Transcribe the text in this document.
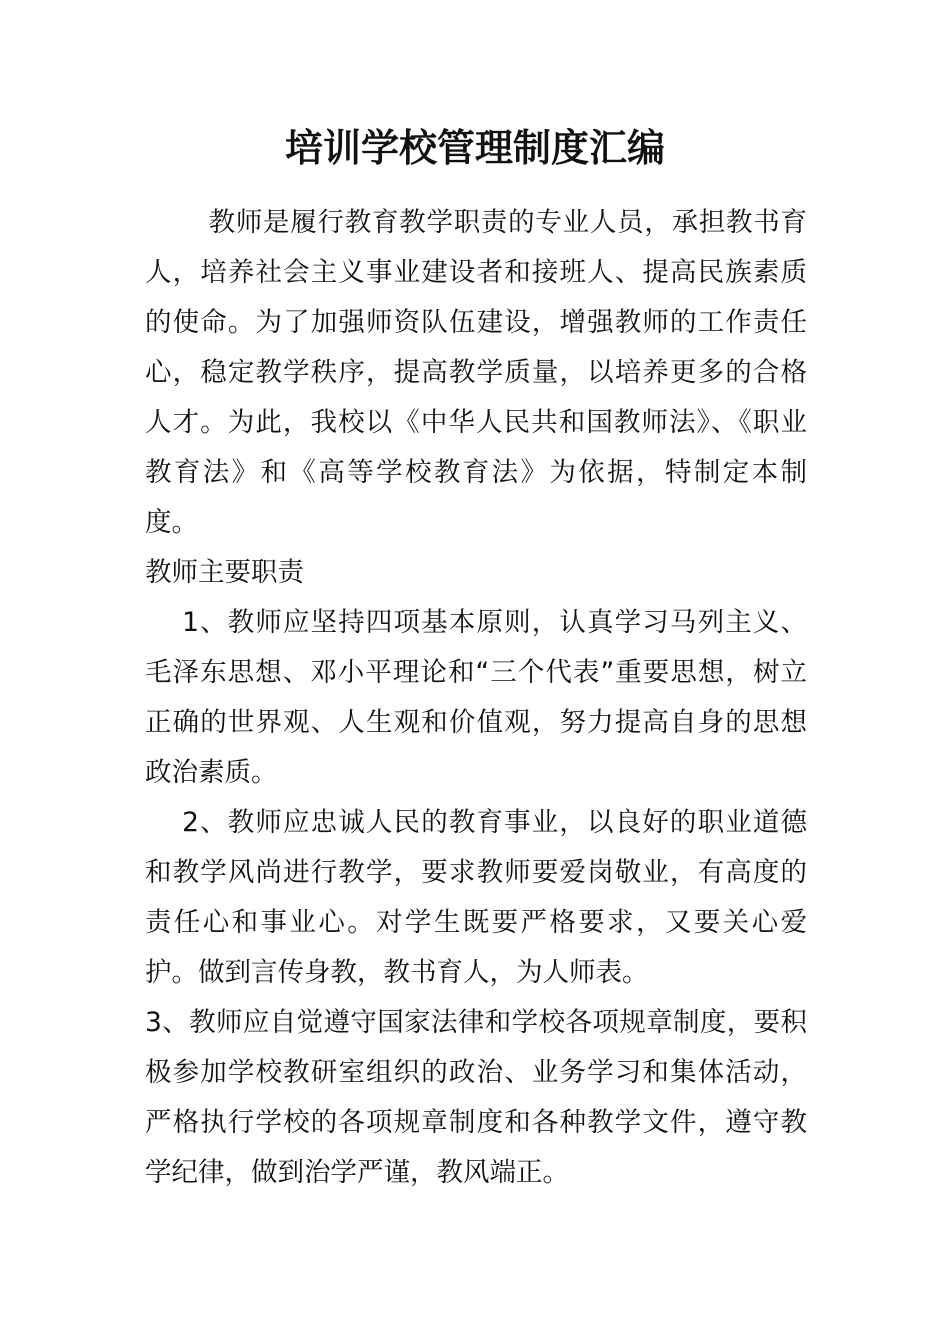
培训学校管理制度汇编

教师是履行教育教学职责的专业人员，承担教书育人，培养社会主义事业建设者和接班人、提高民族素质的使命。为了加强师资队伍建设，增强教师的工作责任心，稳定教学秩序，提高教学质量，以培养更多的合格人才。为此，我校以《中华人民共和国教师法》、《职业教育法》和《高等学校教育法》为依据，特制定本制度。

教师主要职责

1、教师应坚持四项基本原则，认真学习马列主义、毛泽东思想、邓小平理论和“三个代表”重要思想，树立正确的世界观、人生观和价值观，努力提高自身的思想政治素质。

2、教师应忠诚人民的教育事业，以良好的职业道德和教学风尚进行教学，要求教师要爱岗敬业，有高度的责任心和事业心。对学生既要严格要求，又要关心爱护。做到言传身教，教书育人，为人师表。

3、教师应自觉遵守国家法律和学校各项规章制度，要积极参加学校教研室组织的政治、业务学习和集体活动，严格执行学校的各项规章制度和各种教学文件，遵守教学纪律，做到治学严谨，教风端正。
